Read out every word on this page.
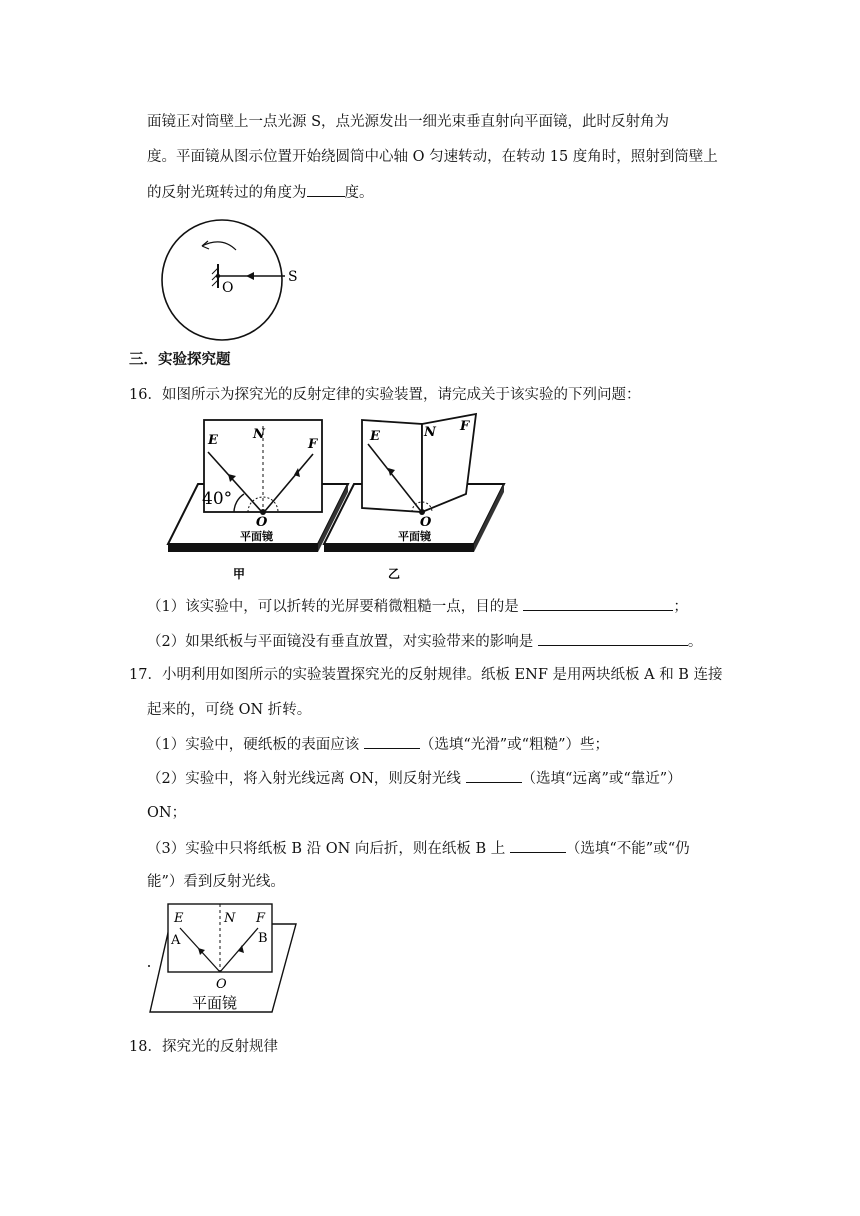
面镜正对筒壁上一点光源 S，点光源发出一细光束垂直射向平面镜，此时反射角为
度。平面镜从图示位置开始绕圆筒中心轴 O 匀速转动，在转动 15 度角时，照射到筒壁上
的反射光斑转过的角度为	度。
O
S
三．实验探究题
16．如图所示为探究光的反射定律的实验装置，请完成关于该实验的下列问题：
E	N
F
O
40°
平面镜
甲
E	N F
O
平面镜
乙
（1）该实验中，可以折转的光屏要稍微粗糙一点，目的是	；
（2）如果纸板与平面镜没有垂直放置，对实验带来的影响是	。
17．小明利用如图所示的实验装置探究光的反射规律。纸板 ENF 是用两块纸板 A 和 B 连接
起来的，可绕 ON 折转。
（1）实验中，硬纸板的表面应该	（选填“光滑”或“粗糙”）些；
（2）实验中，将入射光线远离 ON，则反射光线	（选填“远离”或“靠近”）
ON；
（3）实验中只将纸板 B 沿 ON 向后折，则在纸板 B 上	（选填“不能”或“仍
能”）看到反射光线。
E	N F
A	B
O
平面镜
18．探究光的反射规律
